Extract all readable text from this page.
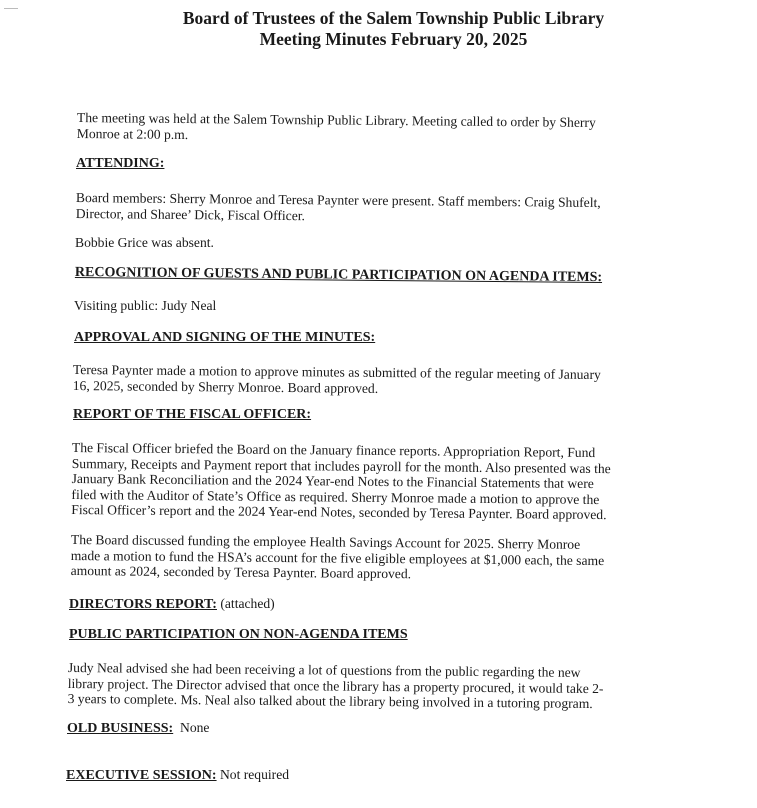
Board of Trustees of the Salem Township Public Library
Meeting Minutes February 20, 2025
The meeting was held at the Salem Township Public Library. Meeting called to order by Sherry
Monroe at 2:00 p.m.
ATTENDING:
Board members: Sherry Monroe and Teresa Paynter were present. Staff members: Craig Shufelt,
Director, and Sharee’ Dick, Fiscal Officer.
Bobbie Grice was absent.
RECOGNITION OF GUESTS AND PUBLIC PARTICIPATION ON AGENDA ITEMS:
Visiting public: Judy Neal
APPROVAL AND SIGNING OF THE MINUTES:
Teresa Paynter made a motion to approve minutes as submitted of the regular meeting of January
16, 2025, seconded by Sherry Monroe. Board approved.
REPORT OF THE FISCAL OFFICER:
The Fiscal Officer briefed the Board on the January finance reports. Appropriation Report, Fund
Summary, Receipts and Payment report that includes payroll for the month. Also presented was the
January Bank Reconciliation and the 2024 Year-end Notes to the Financial Statements that were
filed with the Auditor of State’s Office as required. Sherry Monroe made a motion to approve the
Fiscal Officer’s report and the 2024 Year-end Notes, seconded by Teresa Paynter. Board approved.
The Board discussed funding the employee Health Savings Account for 2025. Sherry Monroe
made a motion to fund the HSA’s account for the five eligible employees at $1,000 each, the same
amount as 2024, seconded by Teresa Paynter. Board approved.
DIRECTORS REPORT: (attached)
PUBLIC PARTICIPATION ON NON-AGENDA ITEMS
Judy Neal advised she had been receiving a lot of questions from the public regarding the new
library project. The Director advised that once the library has a property procured, it would take 2-
3 years to complete. Ms. Neal also talked about the library being involved in a tutoring program.
OLD BUSINESS:  None
EXECUTIVE SESSION: Not required
